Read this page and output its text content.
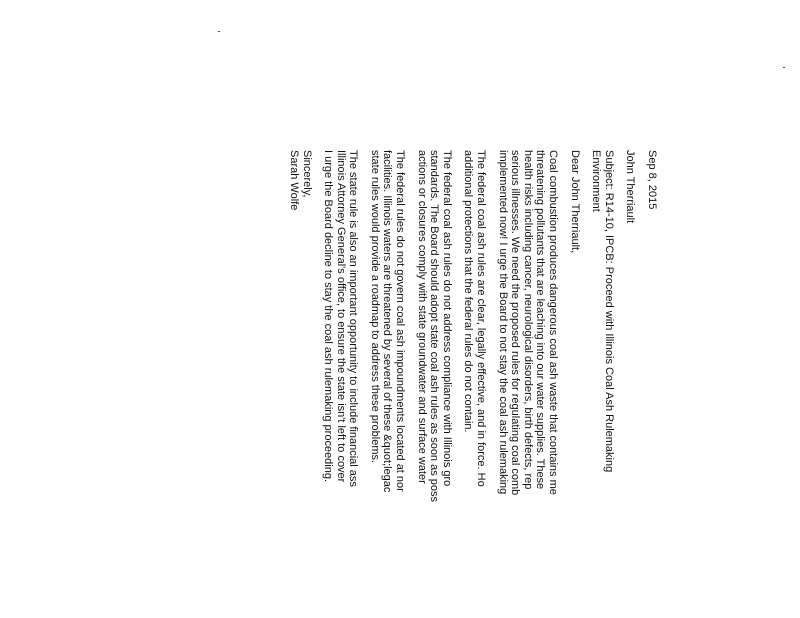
Sep 8, 2015
John Therriault
Subject: R14-10, IPCB: Proceed with Illinois Coal Ash Rulemaking
Environment
Dear John Therriault,
Coal combustion produces dangerous coal ash waste that contains me
threatening pollutants that are leaching into our water supplies. These
health risks including cancer, neurological disorders, birth defects, rep
serious illnesses. We need the proposed rules for regulating coal comb
implemented now! I urge the Board to not stay the coal ash rulemaking
The federal coal ash rules are clear, legally effective, and in force. Ho
additional protections that the federal rules do not contain.
The federal coal ash rules do not address compliance with Illinois gro
standards. The Board should adopt state coal ash rules as soon as poss
actions or closures comply with state groundwater and surface water
The federal rules do not govern coal ash impoundments located at nor
facilities. Illinois waters are threatened by several of these &quot;legac
state rules would provide a roadmap to address these problems.
The state rule is also an important opportunity to include financial ass
Illinois Attorney General's office, to ensure the state isn't left to cover
I urge the Board decline to stay the coal ash rulemaking proceeding.
Sincerely,
Sarah Wolfe
